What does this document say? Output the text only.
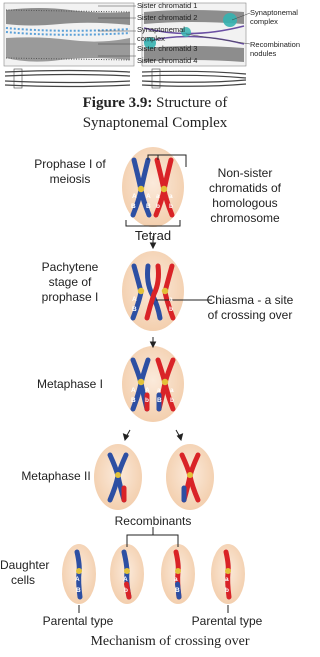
Sister chromatid 1
Sister chromatid 2
Synaptonemal complex
Sister chromatid 3
Sister chromatid 4
Synaptonemal complex
Recombination nodules
Figure 3.9: Structure of Synaptonemal Complex
A A a a
B B b b
A	a
B	b
A A a a
B b B b
A
B
A
b
a
B
a
b
Prophase I of meiosis
Pachytene stage of prophase I
Metaphase I
Metaphase II
Daughter cells
Non-sister chromatids of homologous chromosome
Tetrad
Chiasma - a site of crossing over
Recombinants
Parental type	Parental type
Mechanism of crossing over
